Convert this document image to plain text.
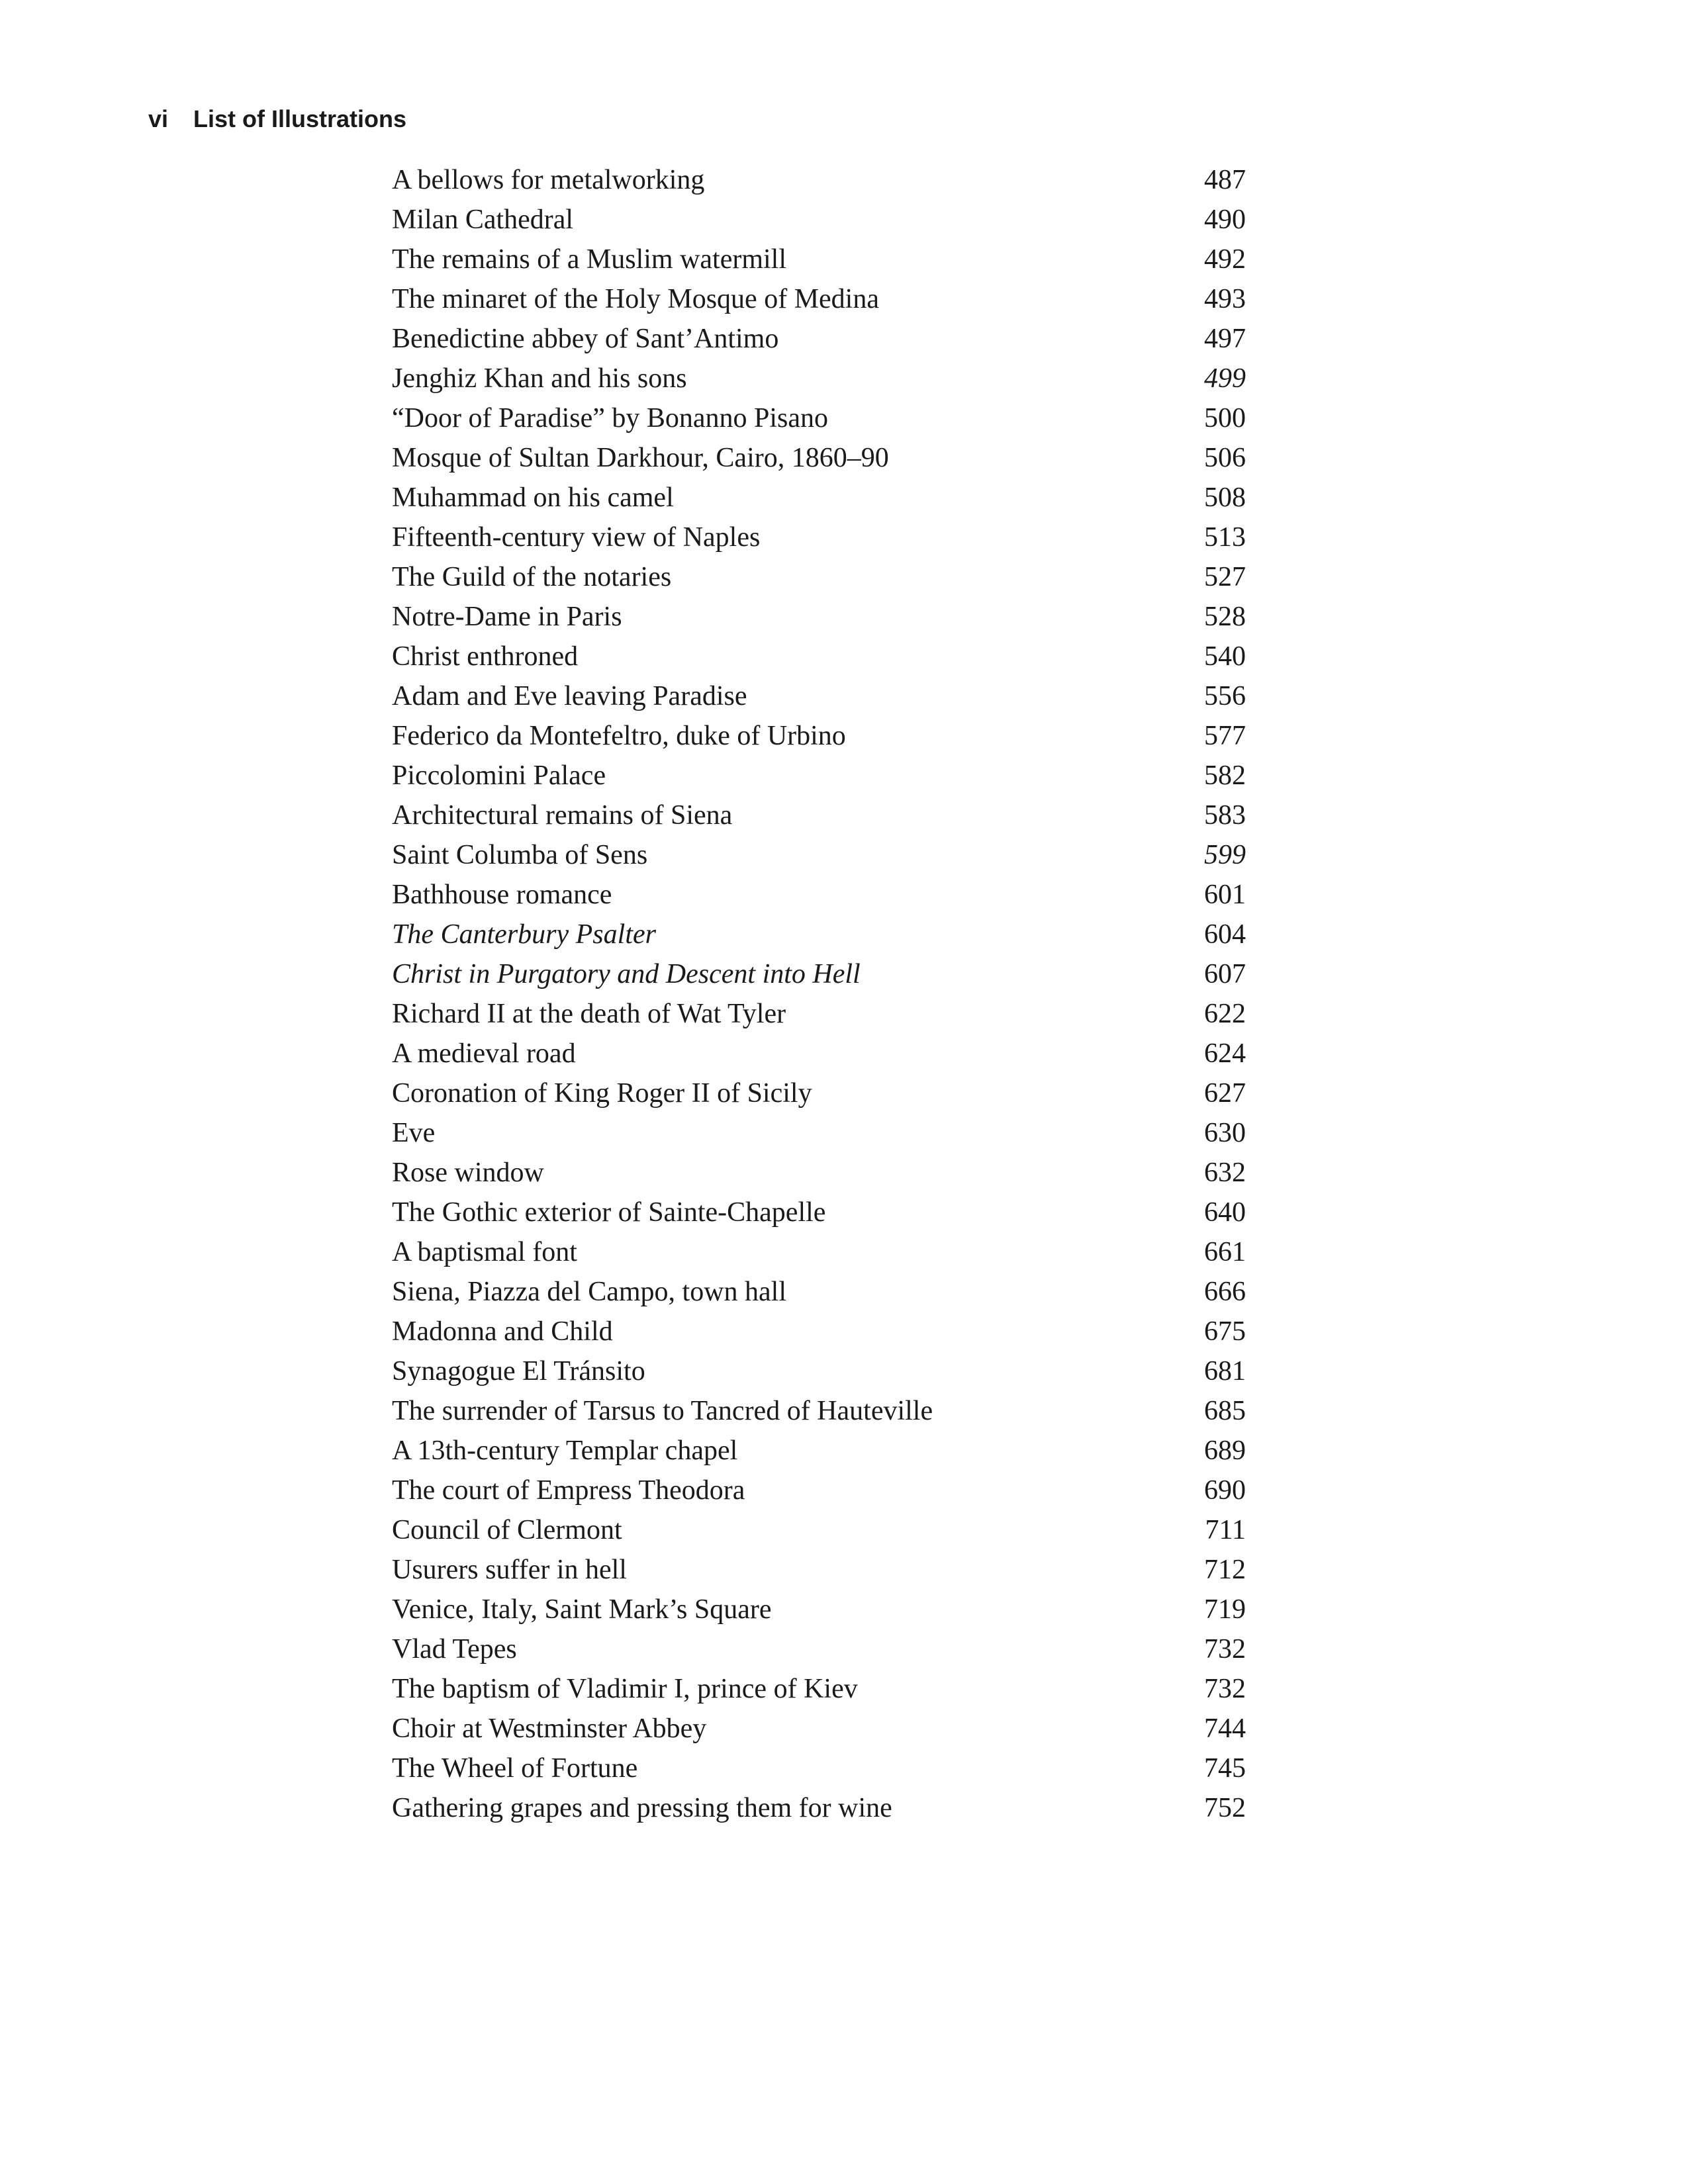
vi List of Illustrations
A bellows for metalworking	487
Milan Cathedral	490
The remains of a Muslim watermill	492
The minaret of the Holy Mosque of Medina	493
Benedictine abbey of Sant’Antimo	497
Jenghiz Khan and his sons	499
“Door of Paradise” by Bonanno Pisano	500
Mosque of Sultan Darkhour, Cairo, 1860–90	506
Muhammad on his camel	508
Fifteenth-century view of Naples	513
The Guild of the notaries	527
Notre-Dame in Paris	528
Christ enthroned	540
Adam and Eve leaving Paradise	556
Federico da Montefeltro, duke of Urbino	577
Piccolomini Palace	582
Architectural remains of Siena	583
Saint Columba of Sens	599
Bathhouse romance	601
The Canterbury Psalter	604
Christ in Purgatory and Descent into Hell	607
Richard II at the death of Wat Tyler	622
A medieval road	624
Coronation of King Roger II of Sicily	627
Eve	630
Rose window	632
The Gothic exterior of Sainte-Chapelle	640
A baptismal font	661
Siena, Piazza del Campo, town hall	666
Madonna and Child	675
Synagogue El Tránsito	681
The surrender of Tarsus to Tancred of Hauteville	685
A 13th-century Templar chapel	689
The court of Empress Theodora	690
Council of Clermont	711
Usurers suffer in hell	712
Venice, Italy, Saint Mark’s Square	719
Vlad Tepes	732
The baptism of Vladimir I, prince of Kiev	732
Choir at Westminster Abbey	744
The Wheel of Fortune	745
Gathering grapes and pressing them for wine	752
